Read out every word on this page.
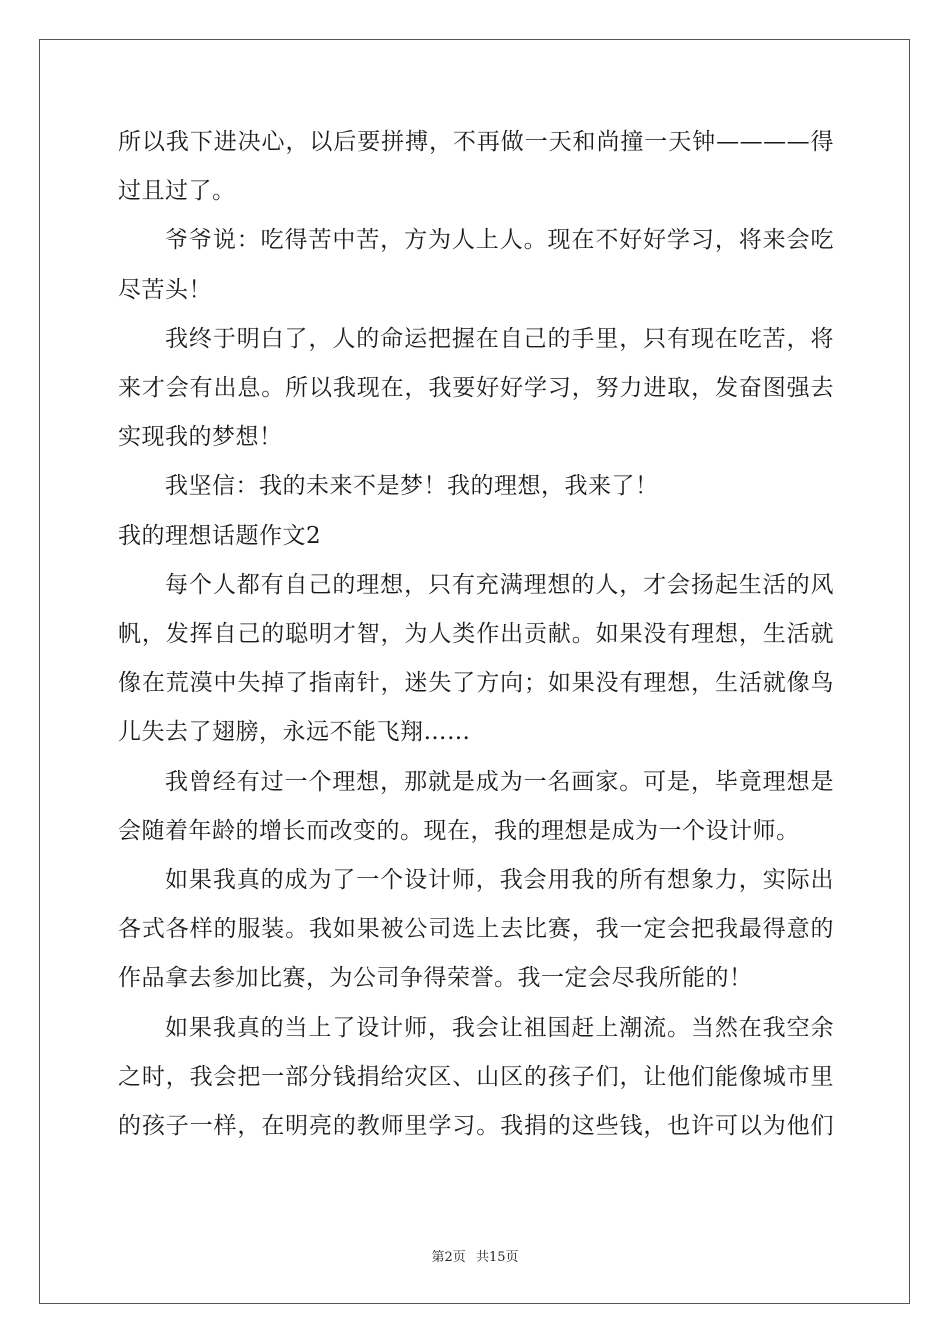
所以我下进决心，以后要拼搏，不再做一天和尚撞一天钟————得
过且过了。
爷爷说：吃得苦中苦，方为人上人。现在不好好学习，将来会吃
尽苦头！
我终于明白了，人的命运把握在自己的手里，只有现在吃苦，将
来才会有出息。所以我现在，我要好好学习，努力进取，发奋图强去
实现我的梦想！
我坚信：我的未来不是梦！我的理想，我来了！
我的理想话题作文2
每个人都有自己的理想，只有充满理想的人，才会扬起生活的风
帆，发挥自己的聪明才智，为人类作出贡献。如果没有理想，生活就
像在荒漠中失掉了指南针，迷失了方向；如果没有理想，生活就像鸟
儿失去了翅膀，永远不能飞翔……
我曾经有过一个理想，那就是成为一名画家。可是，毕竟理想是
会随着年龄的增长而改变的。现在，我的理想是成为一个设计师。
如果我真的成为了一个设计师，我会用我的所有想象力，实际出
各式各样的服装。我如果被公司选上去比赛，我一定会把我最得意的
作品拿去参加比赛，为公司争得荣誉。我一定会尽我所能的！
如果我真的当上了设计师，我会让祖国赶上潮流。当然在我空余
之时，我会把一部分钱捐给灾区、山区的孩子们，让他们能像城市里
的孩子一样，在明亮的教师里学习。我捐的这些钱，也许可以为他们
第2页 共15页
